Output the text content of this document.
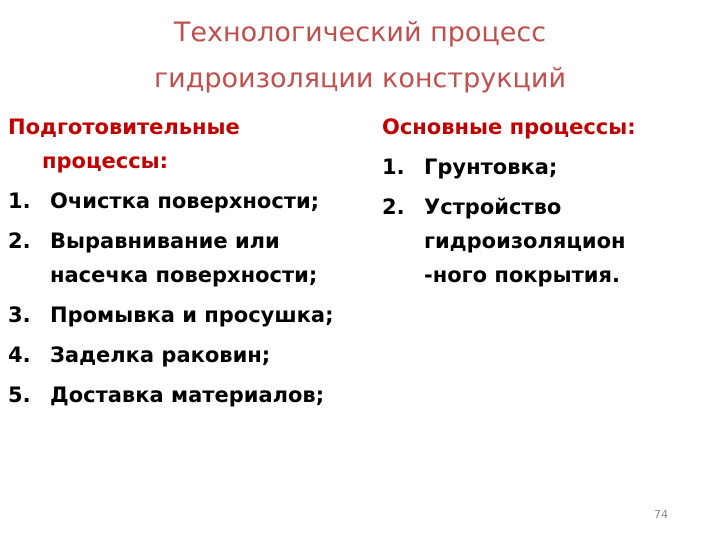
Технологический процесс
гидроизоляции конструкций
Подготовительные процессы:
1. Очистка поверхности;
2. Выравнивание или насечка поверхности;
3. Промывка и просушка;
4. Заделка раковин;
5. Доставка материалов;
Основные процессы:
1. Грунтовка;
2. Устройство гидроизоляцион -ного покрытия.
74
